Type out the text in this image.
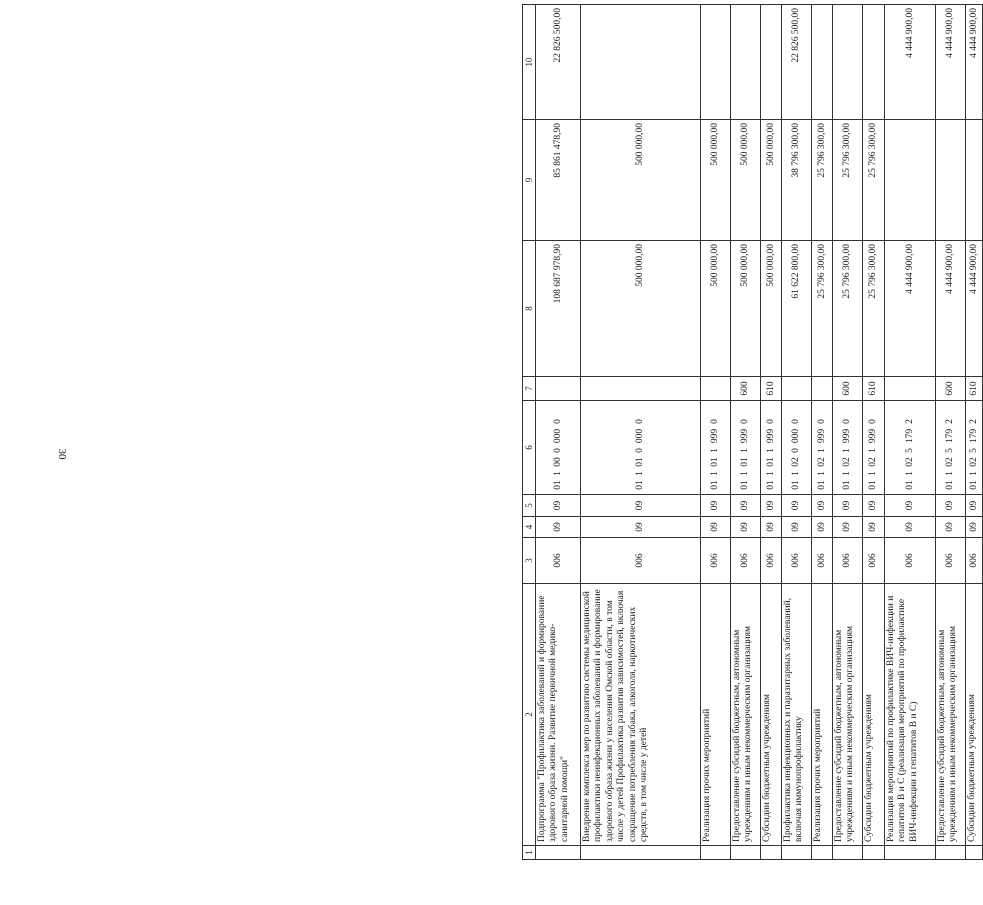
30
1	2	3	4	5	6	7	8	9	10
	Подпрограмма "Профилактика заболеваний и формирование здорового образа жизни. Развитие первичной медико-санитарной помощи"	006	09	09	0110000000		108 687 978,90	85 861 478,90	22 826 500,00
	Внедрение комплекса мер по развитию системы медицинской профилактики неинфекционных заболеваний и формирование здорового образа жизни у населения Омской области, в том числе у детей Профилактика развития зависимостей, включая сокращение потребления табака, алкоголя, наркотических средств, в том числе у детей	006	09	09	0110100000		500 000,00	500 000,00	
	Реализация прочих мероприятий	006	09	09	0110119990		500 000,00	500 000,00	
	Предоставление субсидий бюджетным, автономным учреждениям и иным некоммерческим организациям	006	09	09	0110119990	600	500 000,00	500 000,00	
	Субсидии бюджетным учреждениям	006	09	09	0110119990	610	500 000,00	500 000,00	
	Профилактика инфекционных и паразитарных заболеваний, включая иммунопрофилактику	006	09	09	0110200000		61 622 800,00	38 796 300,00	22 826 500,00
	Реализация прочих мероприятий	006	09	09	0110219990		25 796 300,00	25 796 300,00	
	Предоставление субсидий бюджетным, автономным учреждениям и иным некоммерческим организациям	006	09	09	0110219990	600	25 796 300,00	25 796 300,00	
	Субсидии бюджетным учреждениям	006	09	09	0110219990	610	25 796 300,00	25 796 300,00	
	Реализация мероприятий по профилактике ВИЧ-инфекции и гепатитов В и С (реализация мероприятий по профилактике ВИЧ-инфекции и гепатитов В и С)	006	09	09	0110251792		4 444 900,00		4 444 900,00
	Предоставление субсидий бюджетным, автономным учреждениям и иным некоммерческим организациям	006	09	09	0110251792	600	4 444 900,00		4 444 900,00
	Субсидии бюджетным учреждениям	006	09	09	0110251792	610	4 444 900,00		4 444 900,00
